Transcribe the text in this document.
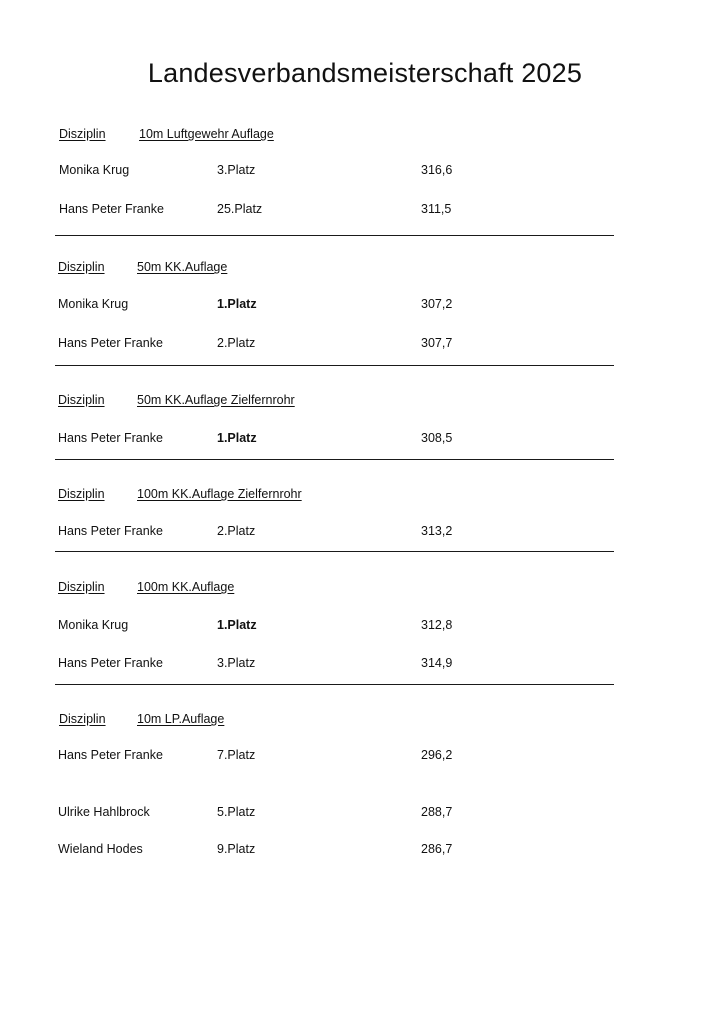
Landesverbandsmeisterschaft 2025
Disziplin	10m Luftgewehr Auflage
Monika Krug	3.Platz	316,6
Hans Peter Franke	25.Platz	311,5
Disziplin	50m KK.Auflage
Monika Krug	1.Platz	307,2
Hans Peter Franke	2.Platz	307,7
Disziplin	50m KK.Auflage Zielfernrohr
Hans Peter Franke	1.Platz	308,5
Disziplin	100m KK.Auflage Zielfernrohr
Hans Peter Franke	2.Platz	313,2
Disziplin	100m KK.Auflage
Monika Krug	1.Platz	312,8
Hans Peter Franke	3.Platz	314,9
Disziplin	10m LP.Auflage
Hans Peter Franke	7.Platz	296,2
Ulrike Hahlbrock	5.Platz	288,7
Wieland Hodes	9.Platz	286,7
